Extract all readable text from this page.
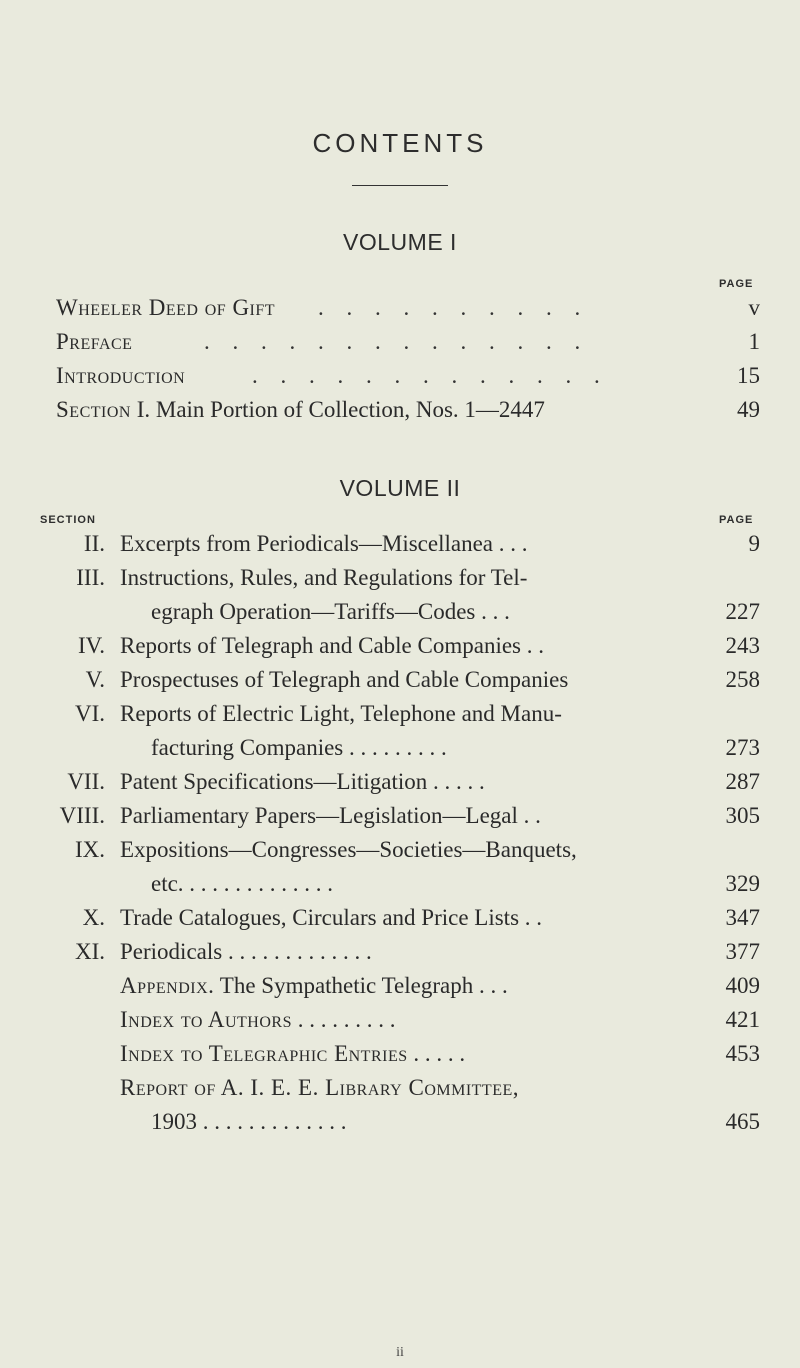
CONTENTS
VOLUME I
PAGE
Wheeler Deed of Gift . . . . . . . . . .	v
Preface	. . . . . . . . . . . . . .	1
Introduction	. . . . . . . . . . . . .	15
Section I. Main Portion of Collection, Nos. 1—2447	49
VOLUME II
SECTION	PAGE
II. Excerpts from Periodicals—Miscellanea . . .	9
III. Instructions, Rules, and Regulations for Tel-
egraph Operation—Tariffs—Codes . . .	227
IV. Reports of Telegraph and Cable Companies . .	243
V. Prospectuses of Telegraph and Cable Companies	258
VI. Reports of Electric Light, Telephone and Manu-
facturing Companies . . . . . . . . .	273
VII. Patent Specifications—Litigation . . . . .	287
VIII. Parliamentary Papers—Legislation—Legal . .	305
IX. Expositions—Congresses—Societies—Banquets,
etc. . . . . . . . . . . . . .	329
X. Trade Catalogues, Circulars and Price Lists . .	347
XI. Periodicals . . . . . . . . . . . . .	377
Appendix. The Sympathetic Telegraph . . .	409
Index to Authors . . . . . . . . .	421
Index to Telegraphic Entries . . . . .	453
Report of A. I. E. E. Library Committee,
1903 . . . . . . . . . . . . .	465
ii
